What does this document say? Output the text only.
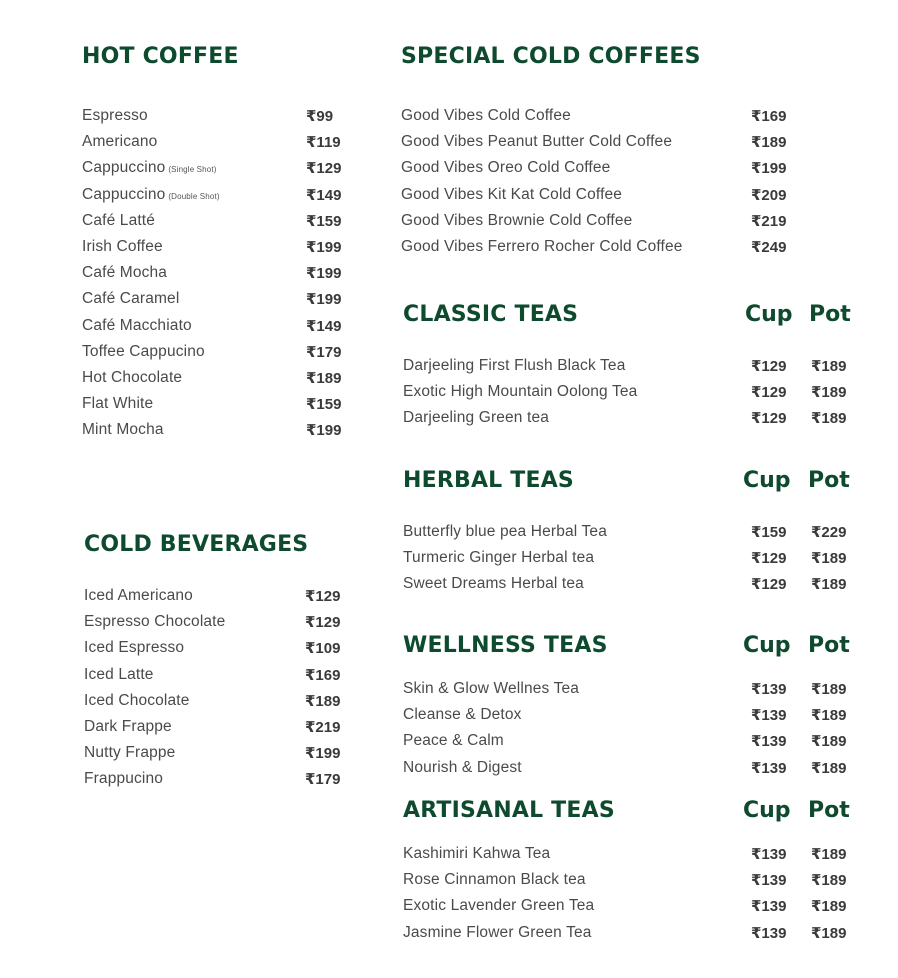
HOT COFFEE
Espresso	₹99
Americano	₹119
Cappuccino (Single Shot)	₹129
Cappuccino (Double Shot)	₹149
Café Latté	₹159
Irish Coffee	₹199
Café Mocha	₹199
Café Caramel	₹199
Café Macchiato	₹149
Toffee Cappucino	₹179
Hot Chocolate	₹189
Flat White	₹159
Mint Mocha	₹199
COLD BEVERAGES
Iced Americano	₹129
Espresso Chocolate	₹129
Iced Espresso	₹109
Iced Latte	₹169
Iced Chocolate	₹189
Dark Frappe	₹219
Nutty Frappe	₹199
Frappucino	₹179
SPECIAL COLD COFFEES
Good Vibes Cold Coffee	₹169
Good Vibes Peanut Butter Cold Coffee	₹189
Good Vibes Oreo Cold Coffee	₹199
Good Vibes Kit Kat Cold Coffee	₹209
Good Vibes Brownie Cold Coffee	₹219
Good Vibes Ferrero Rocher Cold Coffee	₹249
CLASSIC TEAS	Cup Pot
Darjeeling First Flush Black Tea	₹129 ₹189
Exotic High Mountain Oolong Tea	₹129 ₹189
Darjeeling Green tea	₹129 ₹189
HERBAL TEAS	Cup Pot
Butterfly blue pea Herbal Tea	₹159 ₹229
Turmeric Ginger Herbal tea	₹129 ₹189
Sweet Dreams Herbal tea	₹129 ₹189
WELLNESS TEAS	Cup Pot
Skin & Glow Wellnes Tea	₹139 ₹189
Cleanse & Detox	₹139 ₹189
Peace & Calm	₹139 ₹189
Nourish & Digest	₹139 ₹189
ARTISANAL TEAS	Cup Pot
Kashimiri Kahwa Tea	₹139 ₹189
Rose Cinnamon Black tea	₹139 ₹189
Exotic Lavender Green Tea	₹139 ₹189
Jasmine Flower Green Tea	₹139 ₹189
